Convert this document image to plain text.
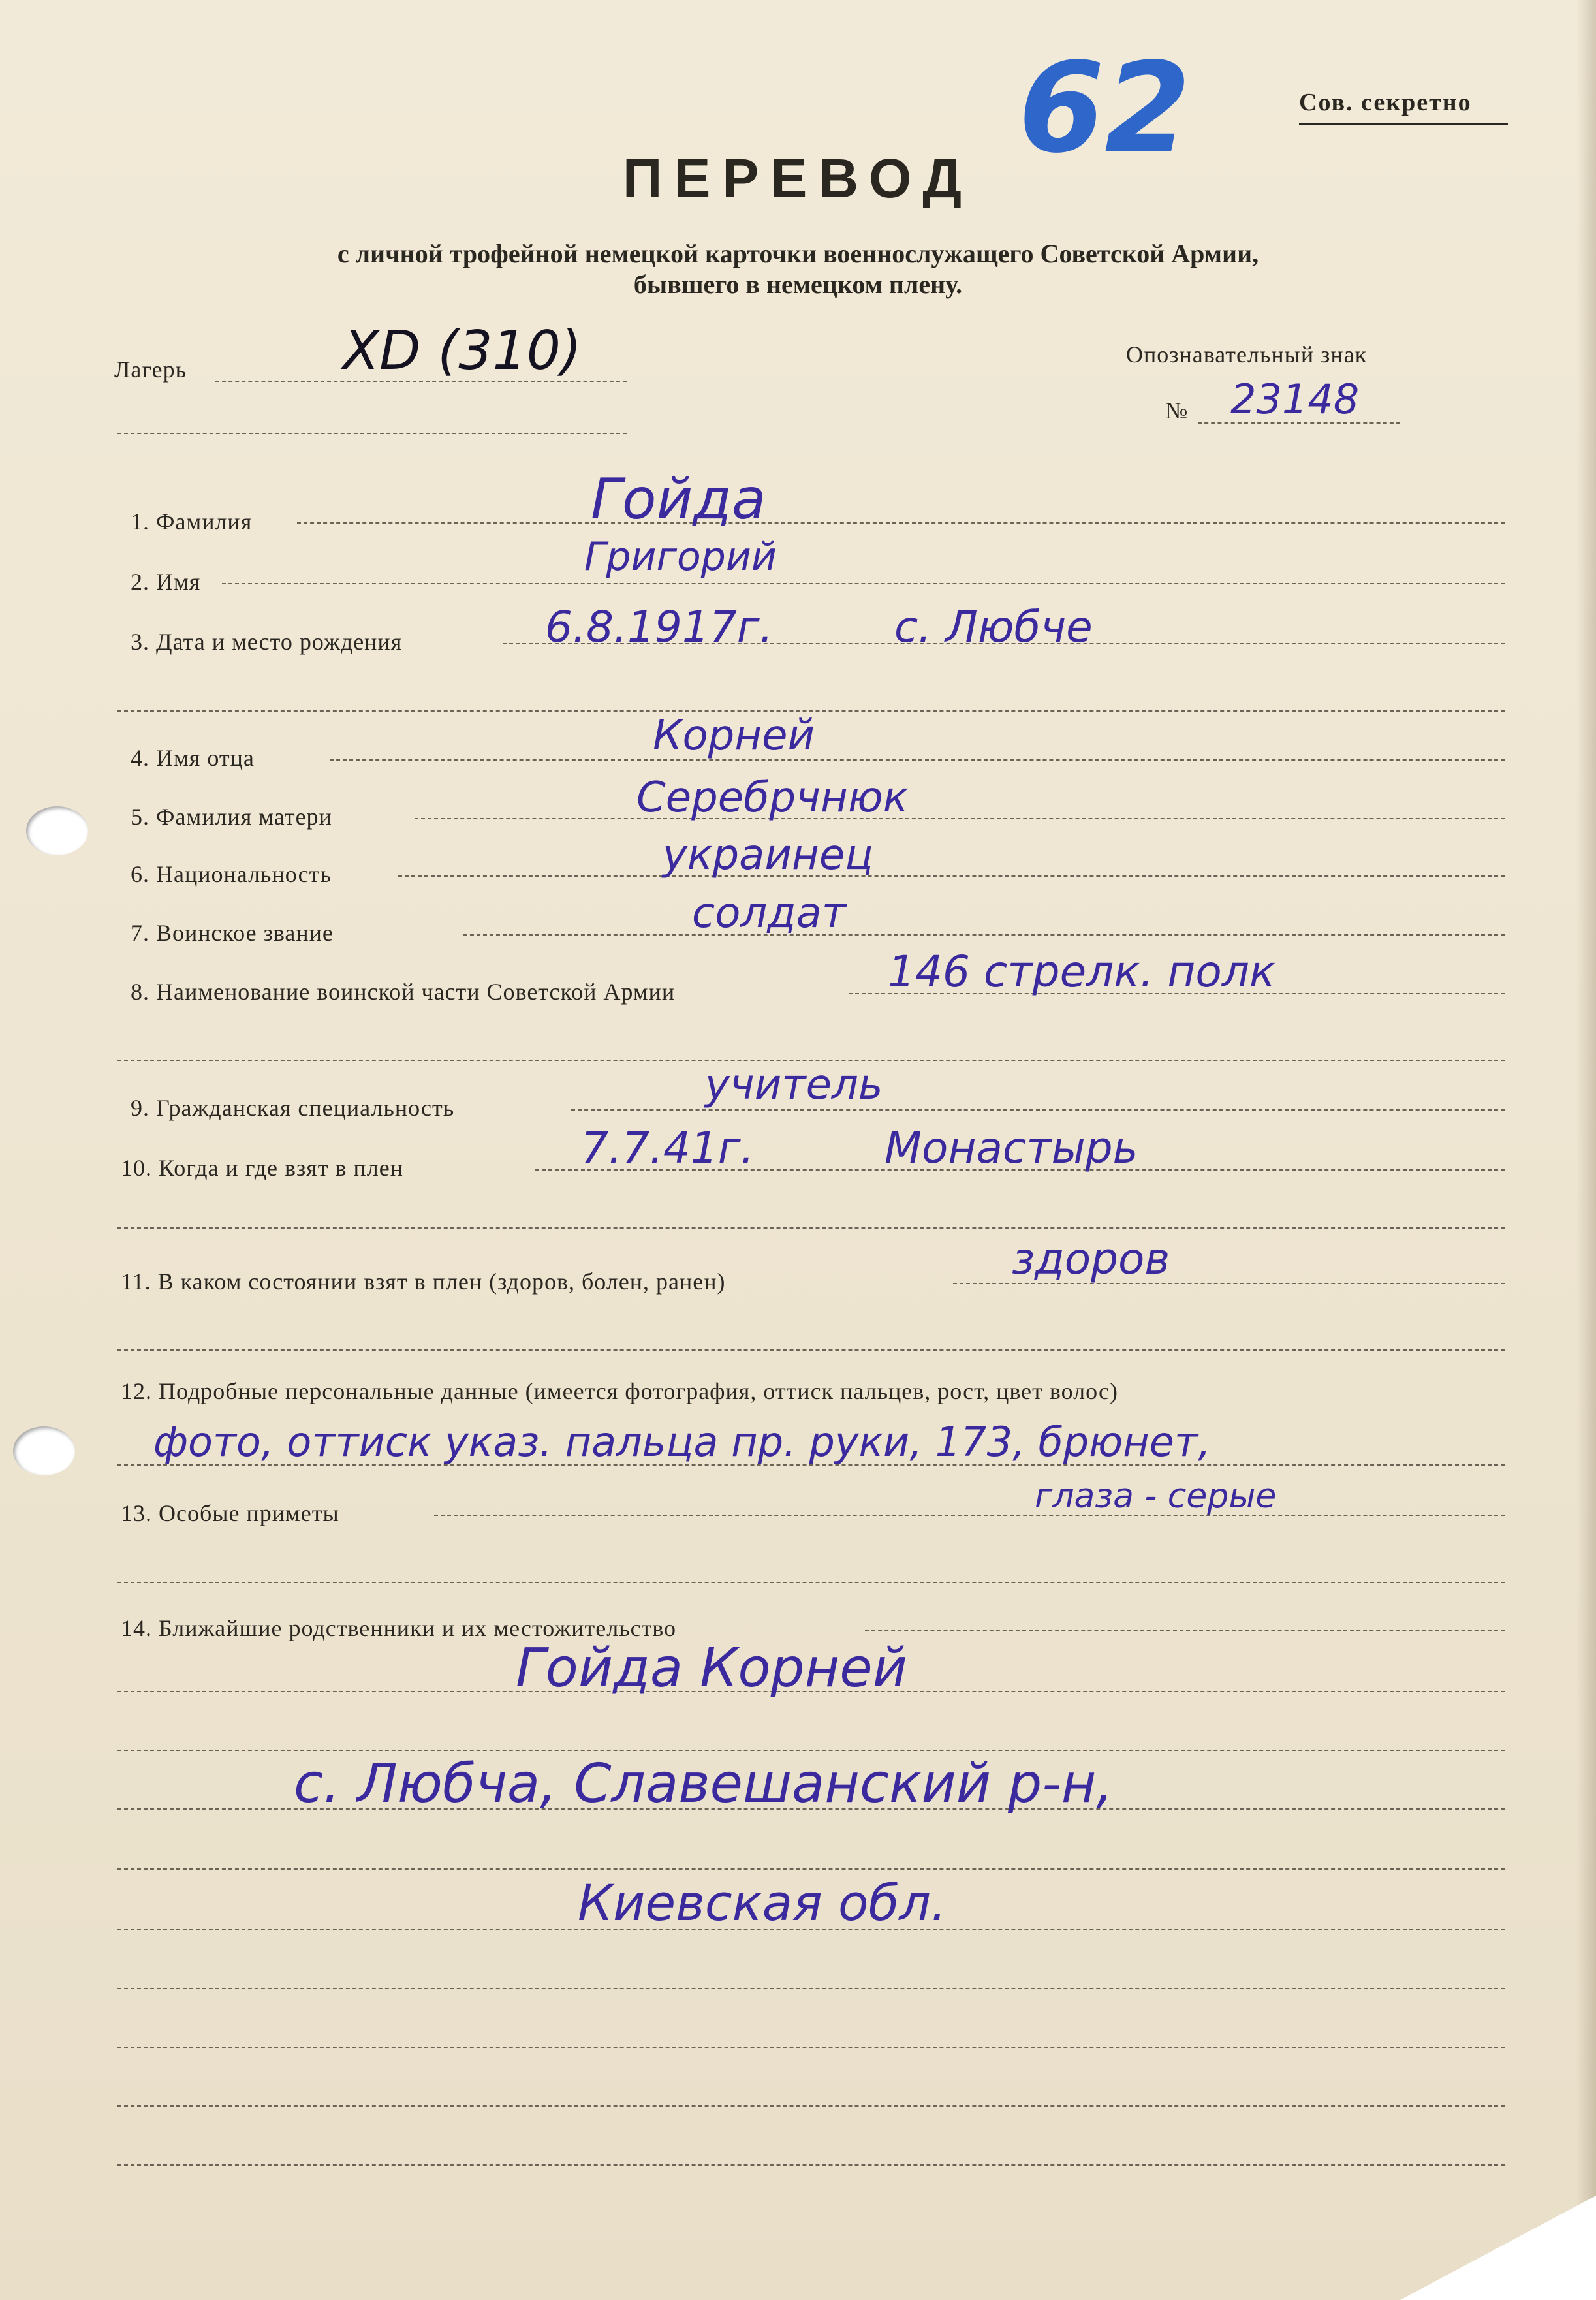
Сов. секретно
62
ПЕРЕВОД
с личной трофейной немецкой карточки военнослужащего Советской Армии,
бывшего в немецком плену.
Лагерь	XD (310)	Опознавательный знак
№ 23148
1. Фамилия	Гойда
2. Имя
Григорий
3. Дата и место рождения	6.8.1917г.	с. Любче
4. Имя отца	Корней
5. Фамилия матери	Серебрчнюк
6. Национальность	украинец
7. Воинское звание	солдат
8. Наименование воинской части Советской Армии	146 стрелк. полк
9. Гражданская специальность	учитель
10. Когда и где взят в плен	7.7.41г.	Монастырь
11. В каком состоянии взят в плен (здоров, болен, ранен)	здоров
12. Подробные персональные данные (имеется фотография, оттиск пальцев, рост, цвет волос)
фото, оттиск указ. пальца пр. руки, 173, брюнет,
13. Особые приметы	глаза - серые
14. Ближайшие родственники и их местожительство
Гойда Корней
с. Любча, Славешанский р-н,
Киевская обл.
